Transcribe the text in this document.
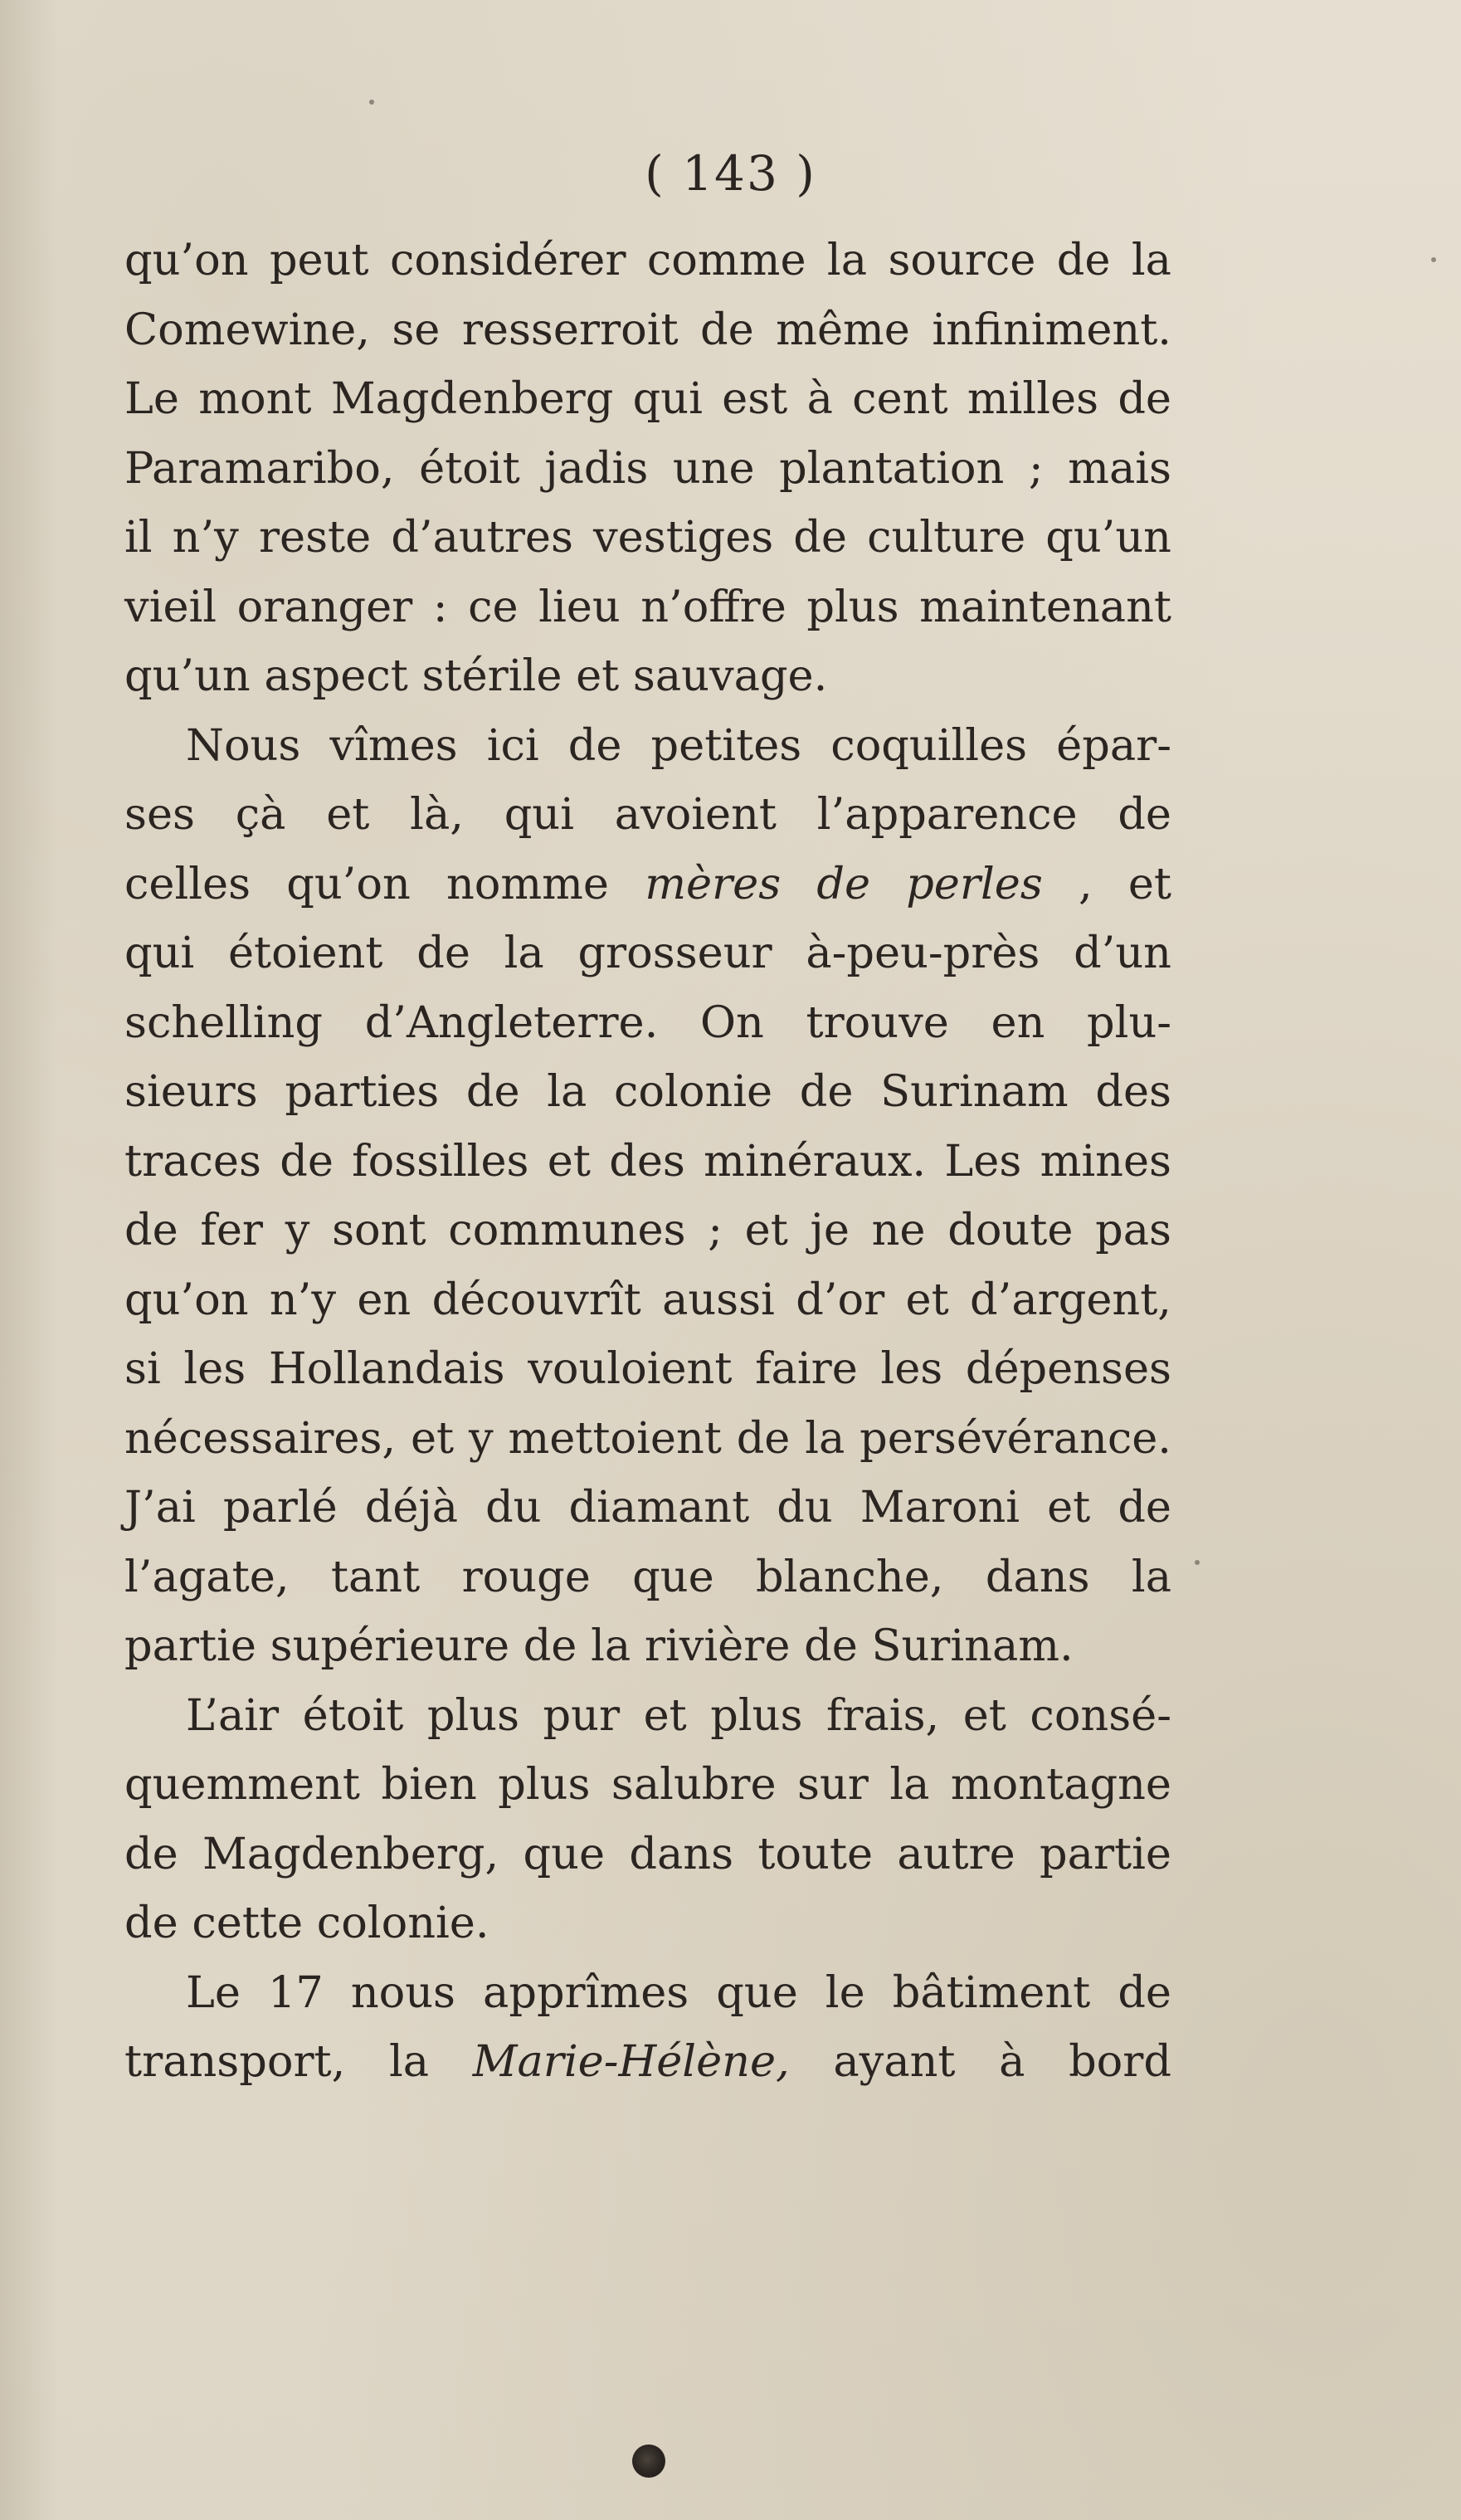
( 143 )

qu’on peut considérer comme la source de la

Comewine, se resserroit de même infiniment.

Le mont Magdenberg qui est à cent milles de

Paramaribo, étoit jadis une plantation ; mais

il n’y reste d’autres vestiges de culture qu’un

vieil oranger : ce lieu n’offre plus maintenant

qu’un aspect stérile et sauvage.

Nous vîmes ici de petites coquilles épar-

ses çà et là, qui avoient l’apparence de

celles qu’on nomme mères de perles , et

qui étoient de la grosseur à-peu-près d’un

schelling d’Angleterre. On trouve en plu-

sieurs parties de la colonie de Surinam des

traces de fossilles et des minéraux. Les mines

de fer y sont communes ; et je ne doute pas

qu’on n’y en découvrît aussi d’or et d’argent,

si les Hollandais vouloient faire les dépenses

nécessaires, et y mettoient de la persévérance.

J’ai parlé déjà du diamant du Maroni et de

l’agate, tant rouge que blanche, dans la

partie supérieure de la rivière de Surinam.

L’air étoit plus pur et plus frais, et consé-

quemment bien plus salubre sur la montagne

de Magdenberg, que dans toute autre partie

de cette colonie.

Le 17 nous apprîmes que le bâtiment de

transport, la Marie-Hélène, ayant à bord
